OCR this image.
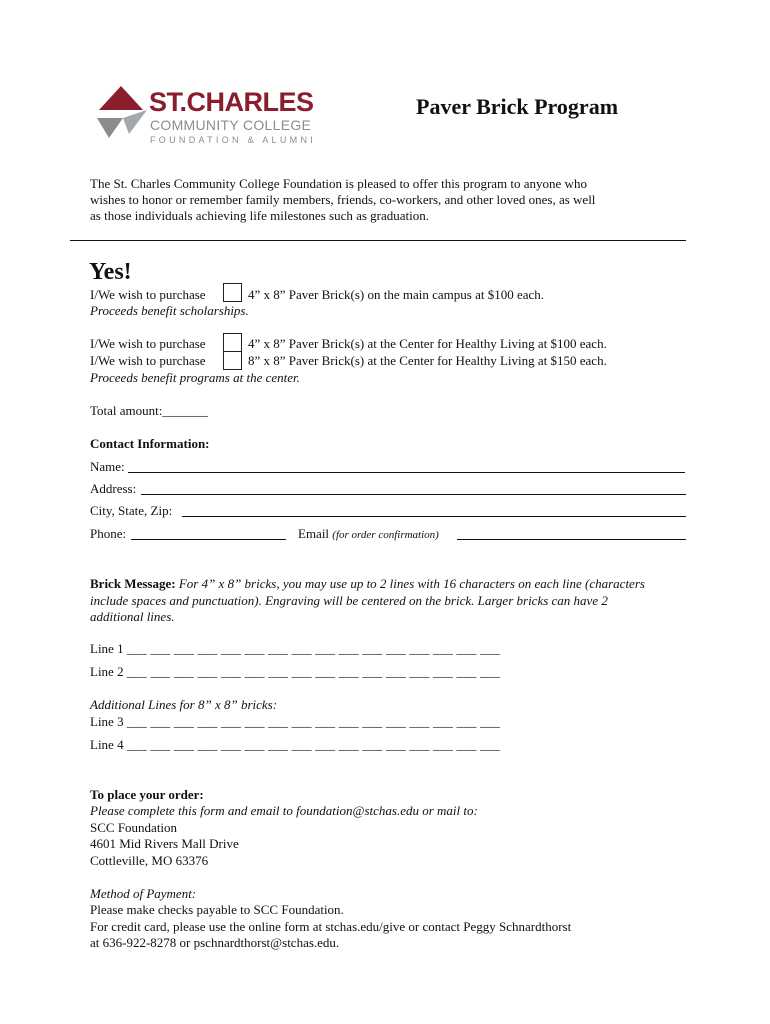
ST.CHARLES
COMMUNITY COLLEGE
FOUNDATION & ALUMNI
Paver Brick Program
The St. Charles Community College Foundation is pleased to offer this program to anyone who
wishes to honor or remember family members, friends, co-workers, and other loved ones, as well
as those individuals achieving life milestones such as graduation.
Yes!
I/We wish to purchase	4” x 8” Paver Brick(s) on the main campus at $100 each.
Proceeds benefit scholarships.
I/We wish to purchase	4” x 8” Paver Brick(s) at the Center for Healthy Living at $100 each.
I/We wish to purchase	8” x 8” Paver Brick(s) at the Center for Healthy Living at $150 each.
Proceeds benefit programs at the center.
Total amount:_______
Contact Information:
Name:
Address:
City, State, Zip:
Phone:	Email (for order confirmation)
Brick Message: For 4” x 8” bricks, you may use up to 2 lines with 16 characters on each line (characters
include spaces and punctuation). Engraving will be centered on the brick. Larger bricks can have 2
additional lines.
Line 1 ___ ___ ___ ___ ___ ___ ___ ___ ___ ___ ___ ___ ___ ___ ___ ___
Line 2 ___ ___ ___ ___ ___ ___ ___ ___ ___ ___ ___ ___ ___ ___ ___ ___
Additional Lines for 8” x 8” bricks:
Line 3 ___ ___ ___ ___ ___ ___ ___ ___ ___ ___ ___ ___ ___ ___ ___ ___
Line 4 ___ ___ ___ ___ ___ ___ ___ ___ ___ ___ ___ ___ ___ ___ ___ ___
To place your order:
Please complete this form and email to foundation@stchas.edu or mail to:
SCC Foundation
4601 Mid Rivers Mall Drive
Cottleville, MO 63376
Method of Payment:
Please make checks payable to SCC Foundation.
For credit card, please use the online form at stchas.edu/give or contact Peggy Schnardthorst
at 636-922-8278 or pschnardthorst@stchas.edu.
